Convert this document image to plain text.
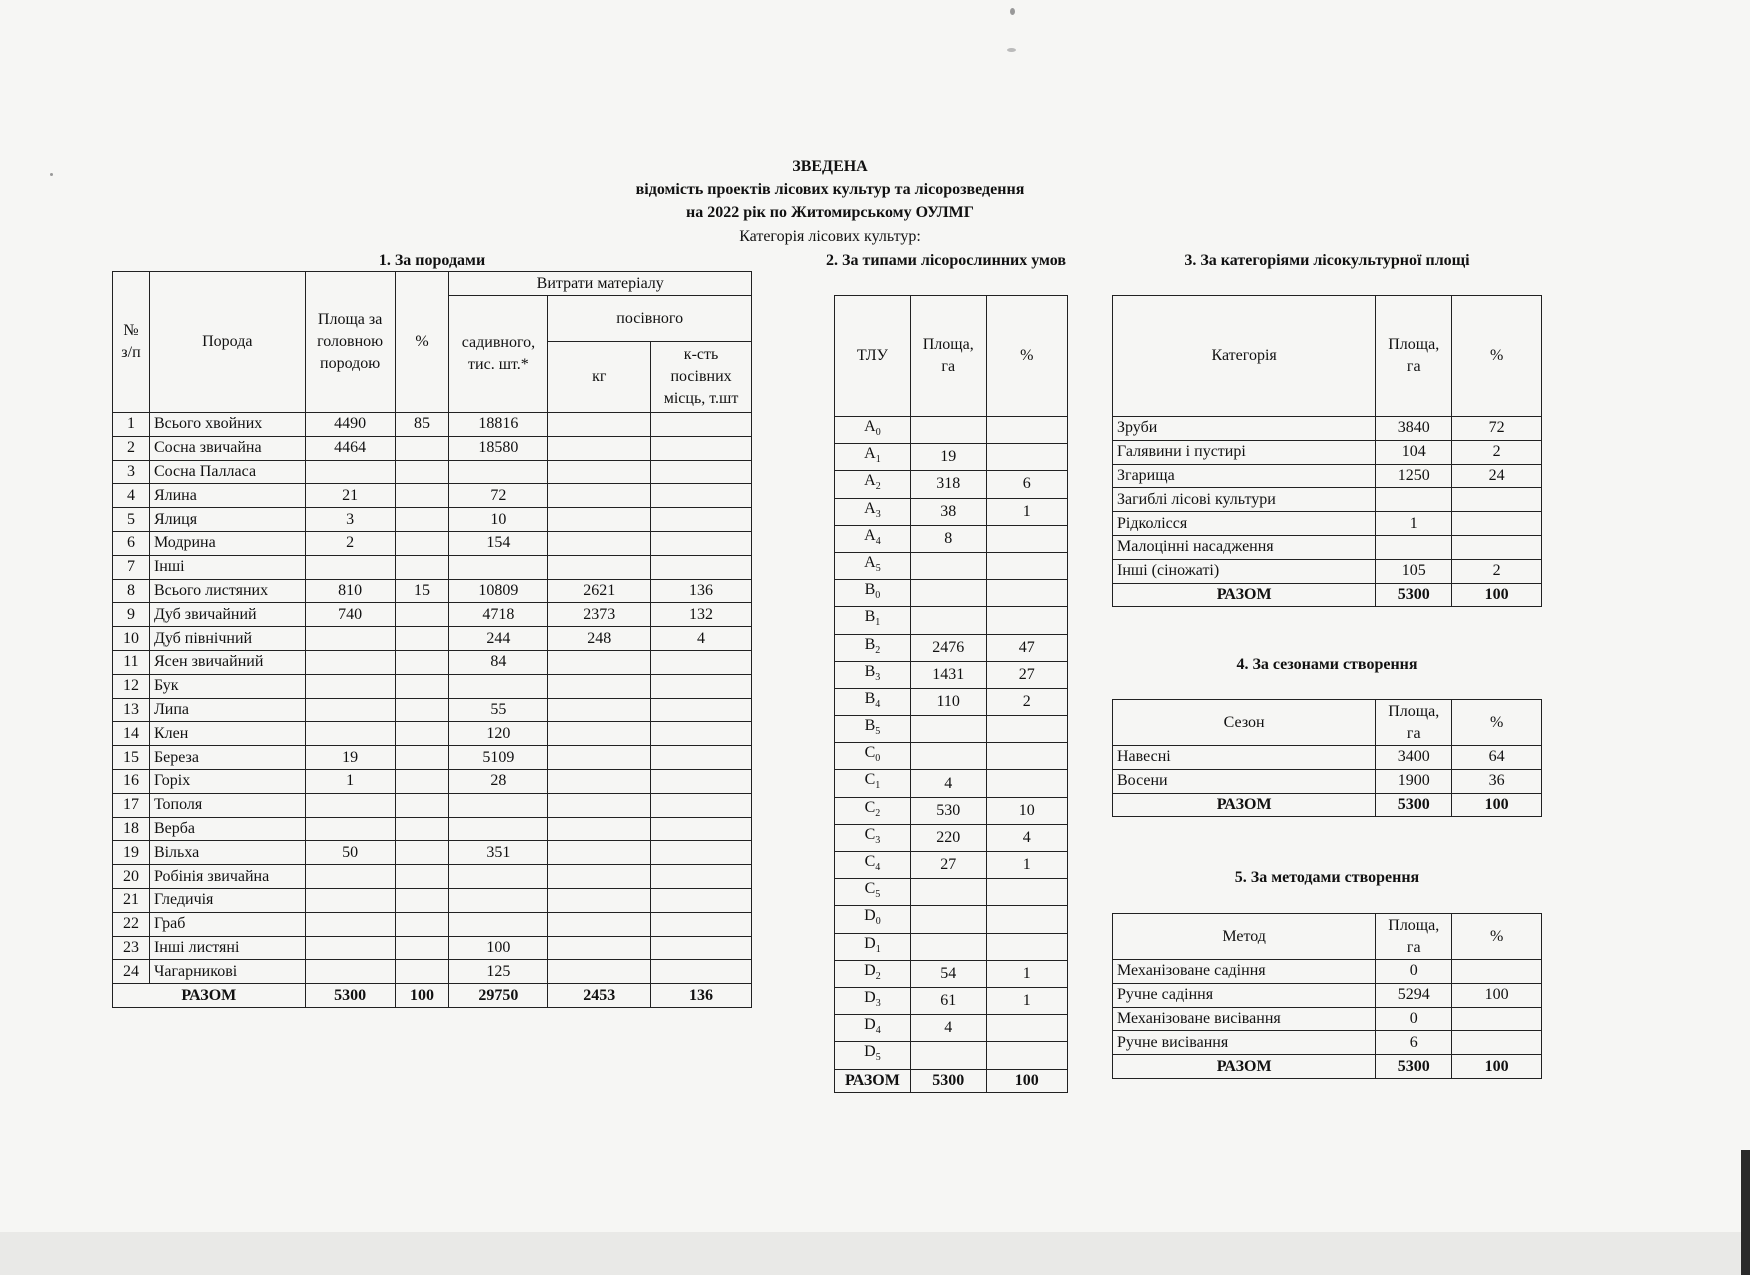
ЗВЕДЕНА
відомість проектів лісових культур та лісорозведення
на 2022 рік по Житомирському ОУЛМГ
Категорія лісових культур:
1. За породами
№ з/п	Порода	Площа за головною породою	%	Витрати матеріалу		
				садивного, тис. шт.*	посівного	
					кг	к-сть посівних місць, т.шт
1	Всього хвойних	4490	85	18816		
2	Сосна звичайна	4464		18580		
3	Сосна Палласа					
4	Ялина	21		72		
5	Ялиця	3		10		
6	Модрина	2		154		
7	Інші					
8	Всього листяних	810	15	10809	2621	136
9	Дуб звичайний	740		4718	2373	132
10	Дуб північний			244	248	4
11	Ясен звичайний			84		
12	Бук					
13	Липа			55		
14	Клен			120		
15	Береза	19		5109		
16	Горіх	1		28		
17	Тополя					
18	Верба					
19	Вільха	50		351		
20	Робінія звичайна					
21	Гледичія					
22	Граб					
23	Інші листяні			100		
24	Чагарникові			125		
РАЗОМ		5300	100	29750	2453	136
2. За типами лісорослинних умов
ТЛУ	Площа, га	%
$A_0$		
$A_1$	19	
$A_2$	318	6
$A_3$	38	1
$A_4$	8	
$A_5$		
$B_0$		
$B_1$		
$B_2$	2476	47
$B_3$	1431	27
$B_4$	110	2
$B_5$		
$C_0$		
$C_1$	4	
$C_2$	530	10
$C_3$	220	4
$C_4$	27	1
$C_5$		
$D_0$		
$D_1$		
$D_2$	54	1
$D_3$	61	1
$D_4$	4	
$D_5$		
РАЗОМ	5300	100
3. За категоріями лісокультурної площі
Категорія	Площа, га	%
Зруби	3840	72
Галявини і пустирі	104	2
Згарища	1250	24
Загиблі лісові культури		
Рідколісся	1	
Малоцінні насадження		
Інші (сіножаті)	105	2
РАЗОМ	5300	100
4. За сезонами створення
Сезон	Площа, га	%
Навесні	3400	64
Восени	1900	36
РАЗОМ	5300	100
5. За методами створення
Метод	Площа, га	%
Механізоване садіння	0	
Ручне садіння	5294	100
Механізоване висівання	0	
Ручне висівання	6	
РАЗОМ	5300	100
